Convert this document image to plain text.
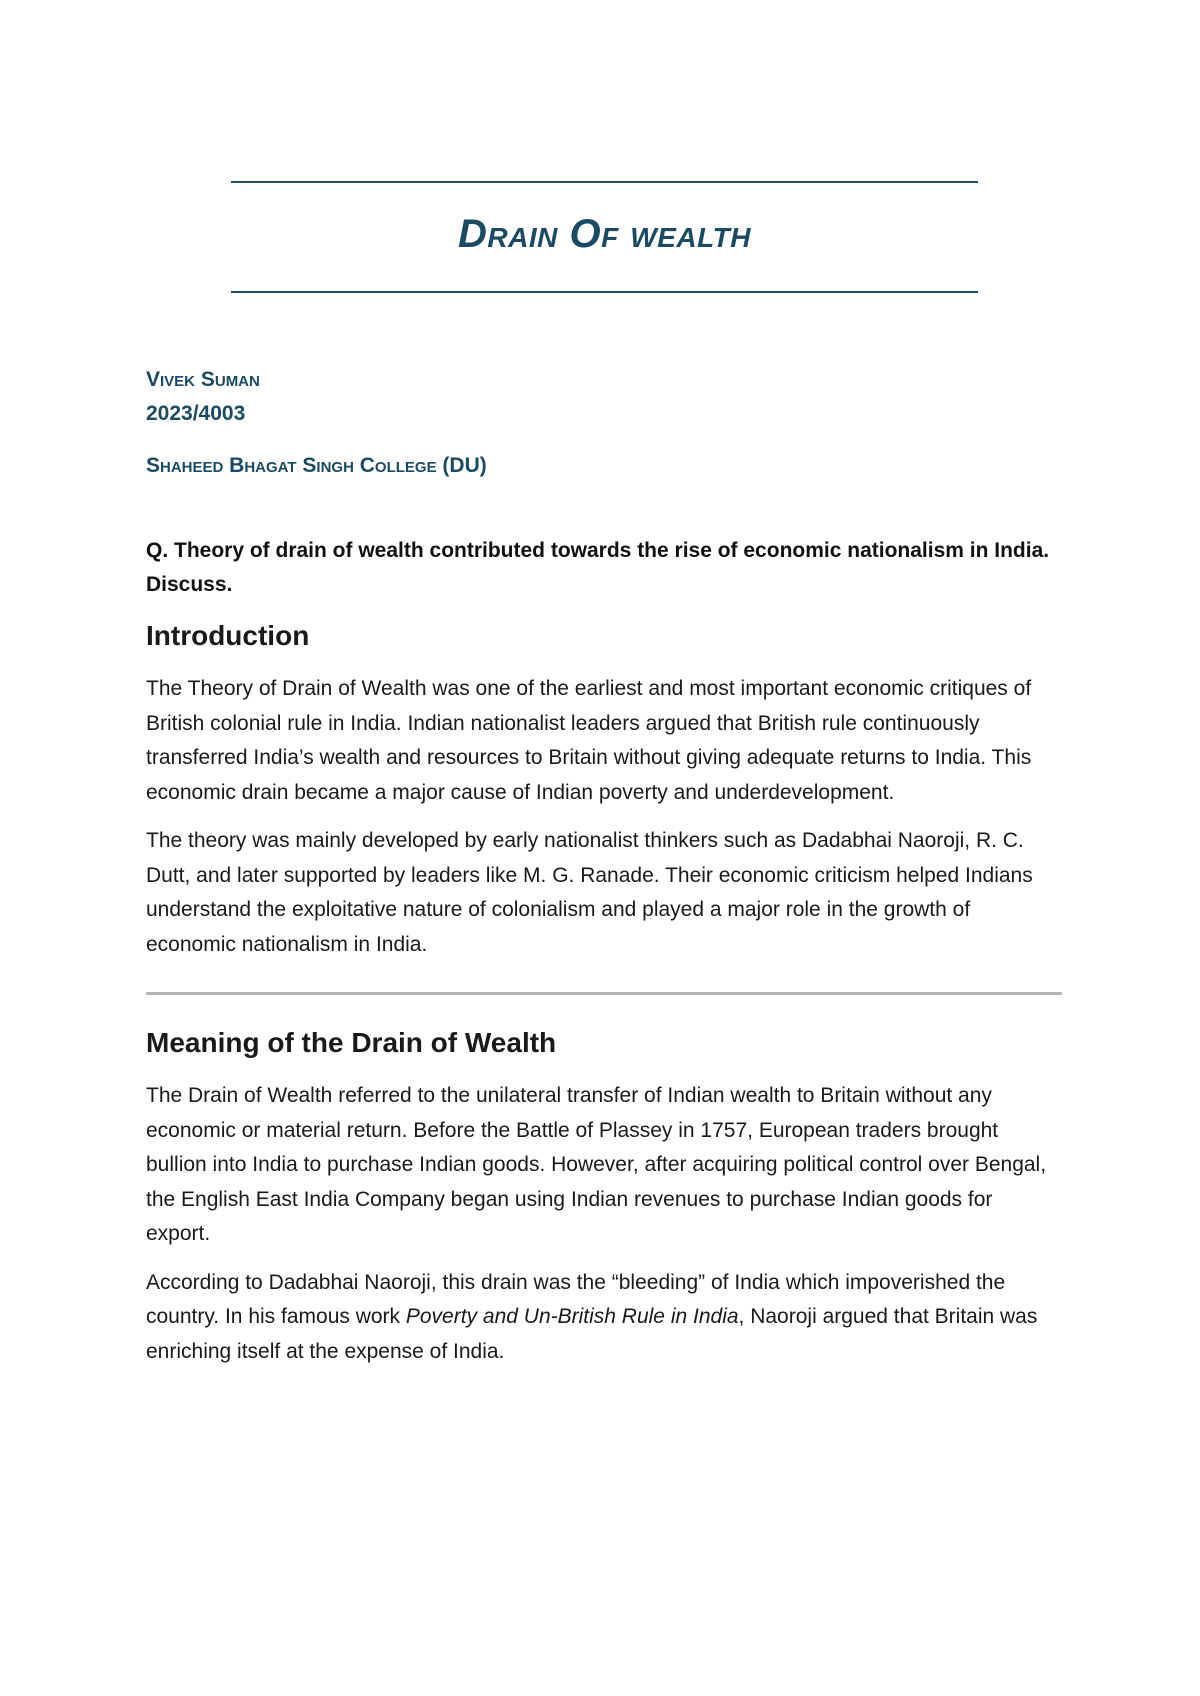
Drain Of wealth
Vivek Suman
2023/4003
Shaheed Bhagat Singh College (DU)

Q. Theory of drain of wealth contributed towards the rise of economic nationalism in India. Discuss.

Introduction

The Theory of Drain of Wealth was one of the earliest and most important economic critiques of British colonial rule in India. Indian nationalist leaders argued that British rule continuously transferred India’s wealth and resources to Britain without giving adequate returns to India. This economic drain became a major cause of Indian poverty and underdevelopment.

The theory was mainly developed by early nationalist thinkers such as Dadabhai Naoroji, R. C. Dutt, and later supported by leaders like M. G. Ranade. Their economic criticism helped Indians understand the exploitative nature of colonialism and played a major role in the growth of economic nationalism in India.

Meaning of the Drain of Wealth

The Drain of Wealth referred to the unilateral transfer of Indian wealth to Britain without any economic or material return. Before the Battle of Plassey in 1757, European traders brought bullion into India to purchase Indian goods. However, after acquiring political control over Bengal, the English East India Company began using Indian revenues to purchase Indian goods for export.

According to Dadabhai Naoroji, this drain was the “bleeding” of India which impoverished the country. In his famous work Poverty and Un-British Rule in India, Naoroji argued that Britain was enriching itself at the expense of India.
